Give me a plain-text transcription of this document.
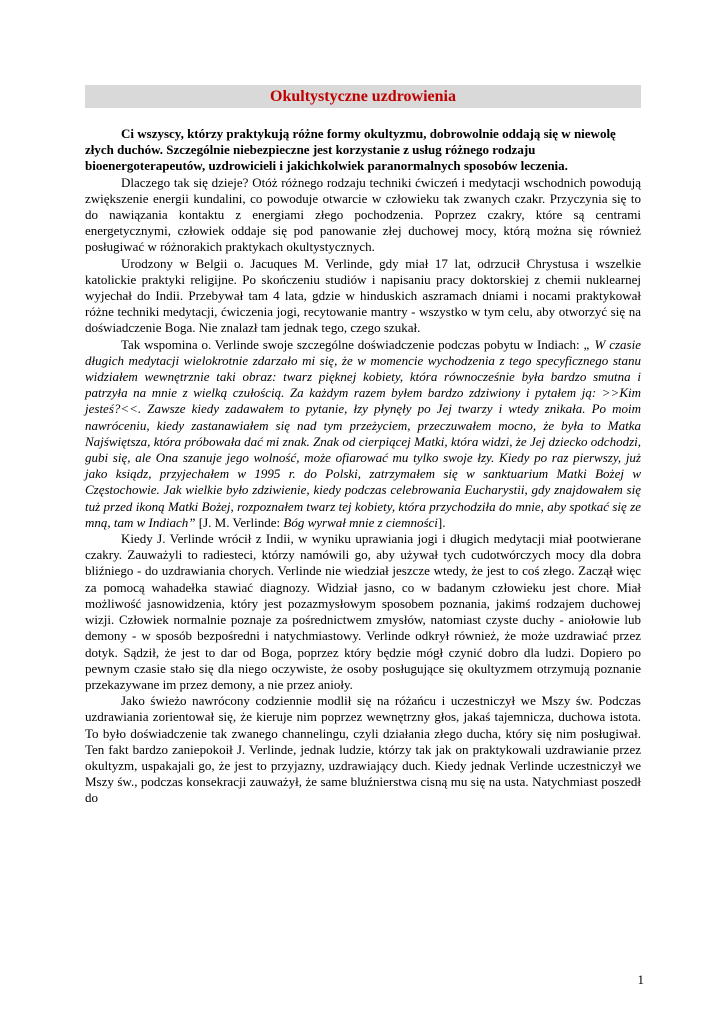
Okultystyczne uzdrowienia

Ci wszyscy, którzy praktykują różne formy okultyzmu, dobrowolnie oddają się w niewolę złych duchów. Szczególnie niebezpieczne jest korzystanie z usług różnego rodzaju bioenergoterapeutów, uzdrowicieli i jakichkolwiek paranormalnych sposobów leczenia.

Dlaczego tak się dzieje? Otóż różnego rodzaju techniki ćwiczeń i medytacji wschodnich powodują zwiększenie energii kundalini, co powoduje otwarcie w człowieku tak zwanych czakr. Przyczynia się to do nawiązania kontaktu z energiami złego pochodzenia. Poprzez czakry, które są centrami energetycznymi, człowiek oddaje się pod panowanie złej duchowej mocy, którą można się również posługiwać w różnorakich praktykach okultystycznych.

Urodzony w Belgii o. Jacuques M. Verlinde, gdy miał 17 lat, odrzucił Chrystusa i wszelkie katolickie praktyki religijne. Po skończeniu studiów i napisaniu pracy doktorskiej z chemii nuklearnej wyjechał do Indii. Przebywał tam 4 lata, gdzie w hinduskich aszramach dniami i nocami praktykował różne techniki medytacji, ćwiczenia jogi, recytowanie mantry - wszystko w tym celu, aby otworzyć się na doświadczenie Boga. Nie znalazł tam jednak tego, czego szukał.

Tak wspomina o. Verlinde swoje szczególne doświadczenie podczas pobytu w Indiach: „ W czasie długich medytacji wielokrotnie zdarzało mi się, że w momencie wychodzenia z tego specyficznego stanu widziałem wewnętrznie taki obraz: twarz pięknej kobiety, która równocześnie była bardzo smutna i patrzyła na mnie z wielką czułością. Za każdym razem byłem bardzo zdziwiony i pytałem ją: >>Kim jesteś?<<. Zawsze kiedy zadawałem to pytanie, łzy płynęły po Jej twarzy i wtedy znikała. Po moim nawróceniu, kiedy zastanawiałem się nad tym przeżyciem, przeczuwałem mocno, że była to Matka Najświętsza, która próbowała dać mi znak. Znak od cierpiącej Matki, która widzi, że Jej dziecko odchodzi, gubi się, ale Ona szanuje jego wolność, może ofiarować mu tylko swoje łzy. Kiedy po raz pierwszy, już jako ksiądz, przyjechałem w 1995 r. do Polski, zatrzymałem się w sanktuarium Matki Bożej w Częstochowie. Jak wielkie było zdziwienie, kiedy podczas celebrowania Eucharystii, gdy znajdowałem się tuż przed ikoną Matki Bożej, rozpoznałem twarz tej kobiety, która przychodziła do mnie, aby spotkać się ze mną, tam w Indiach” [J. M. Verlinde: Bóg wyrwał mnie z ciemności].

Kiedy J. Verlinde wrócił z Indii, w wyniku uprawiania jogi i długich medytacji miał pootwierane czakry. Zauważyli to radiesteci, którzy namówili go, aby używał tych cudotwórczych mocy dla dobra bliźniego - do uzdrawiania chorych. Verlinde nie wiedział jeszcze wtedy, że jest to coś złego. Zaczął więc za pomocą wahadełka stawiać diagnozy. Widział jasno, co w badanym człowieku jest chore. Miał możliwość jasnowidzenia, który jest pozazmysłowym sposobem poznania, jakimś rodzajem duchowej wizji. Człowiek normalnie poznaje za pośrednictwem zmysłów, natomiast czyste duchy - aniołowie lub demony - w sposób bezpośredni i natychmiastowy. Verlinde odkrył również, że może uzdrawiać przez dotyk. Sądził, że jest to dar od Boga, poprzez który będzie mógł czynić dobro dla ludzi. Dopiero po pewnym czasie stało się dla niego oczywiste, że osoby posługujące się okultyzmem otrzymują poznanie przekazywane im przez demony, a nie przez anioły.

Jako świeżo nawrócony codziennie modlił się na różańcu i uczestniczył we Mszy św. Podczas uzdrawiania zorientował się, że kieruje nim poprzez wewnętrzny głos, jakaś tajemnicza, duchowa istota. To było doświadczenie tak zwanego channelingu, czyli działania złego ducha, który się nim posługiwał. Ten fakt bardzo zaniepokoił J. Verlinde, jednak ludzie, którzy tak jak on praktykowali uzdrawianie przez okultyzm, uspakajali go, że jest to przyjazny, uzdrawiający duch. Kiedy jednak Verlinde uczestniczył we Mszy św., podczas konsekracji zauważył, że same bluźnierstwa cisną mu się na usta. Natychmiast poszedł do

1
